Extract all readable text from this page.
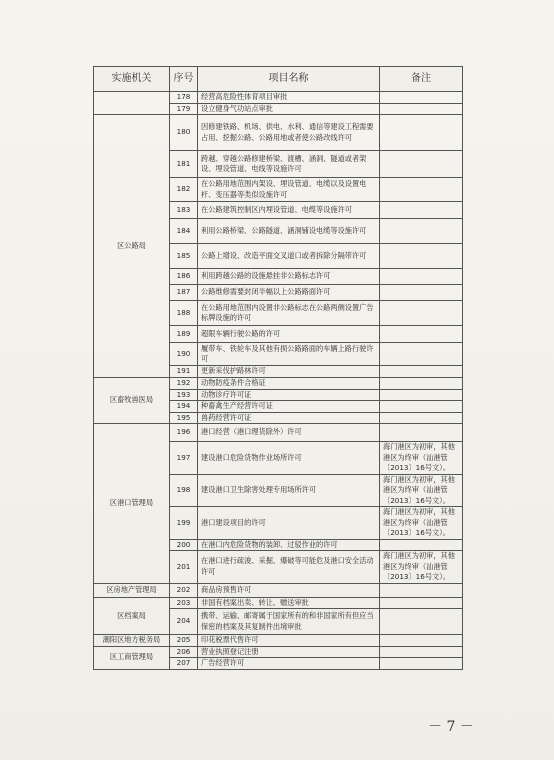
实施机关	序号	项目名称	备注
	178	经营高危险性体育项目审批	
	179	设立健身气功站点审批	
区公路局	180	因修建铁路、机场、供电、水利、通信等建设工程需要占用、挖掘公路、公路用地或者使公路改线许可	
	181	跨越、穿越公路修建桥梁、渡槽、涵洞、隧道或者架设、埋设管道、电线等设施许可	
	182	在公路用地范围内架设、埋设管道、电缆以及设置电杆、变压器等类似设施许可	
	183	在公路建筑控制区内埋设管道、电缆等设施许可	
	184	利用公路桥梁、公路隧道、涵洞铺设电缆等设施许可	
	185	公路上增设、改造平面交叉道口或者拆除分隔带许可	
	186	利用跨越公路的设施悬挂非公路标志许可	
	187	公路维修需要封闭半幅以上公路路面许可	
	188	在公路用地范围内设置非公路标志在公路两侧设置广告标牌设施的许可	
	189	超限车辆行驶公路的许可	
	190	履带车、铁轮车及其他有损公路路面的车辆上路行驶许可	
	191	更新采伐护路林许可	
区畜牧兽医局	192	动物防疫条件合格证	
	193	动物诊疗许可证	
	194	种畜禽生产经营许可证	
	195	兽药经营许可证	
区港口管理局	196	港口经营（港口理货除外）许可	
	197	建设港口危险货物作业场所许可	海门港区为初审，其他港区为终审（汕港管〔2013〕16号文）。
	198	建设港口卫生除害处理专用场所许可	海门港区为初审，其他港区为终审（汕港管〔2013〕16号文）。
	199	港口建设项目的许可	海门港区为初审，其他港区为终审（汕港管〔2013〕16号文）。
	200	在港口内危险货物的装卸、过驳作业的许可	
	201	在港口进行疏浚、采掘、爆破等可能危及港口安全活动许可	海门港区为初审，其他港区为终审（汕港管〔2013〕16号文）。
区房地产管理局	202	商品房预售许可	
区档案局	203	非国有档案出卖、转让、赠送审批	
	204	携带、运输、邮寄属于国家所有的和非国家所有但应当保密的档案及其复制件出境审批	
潮阳区地方税务局	205	印花税票代售许可	
区工商管理局	206	营业执照登记注册	
	207	广告经营许可	
－ 7 －
